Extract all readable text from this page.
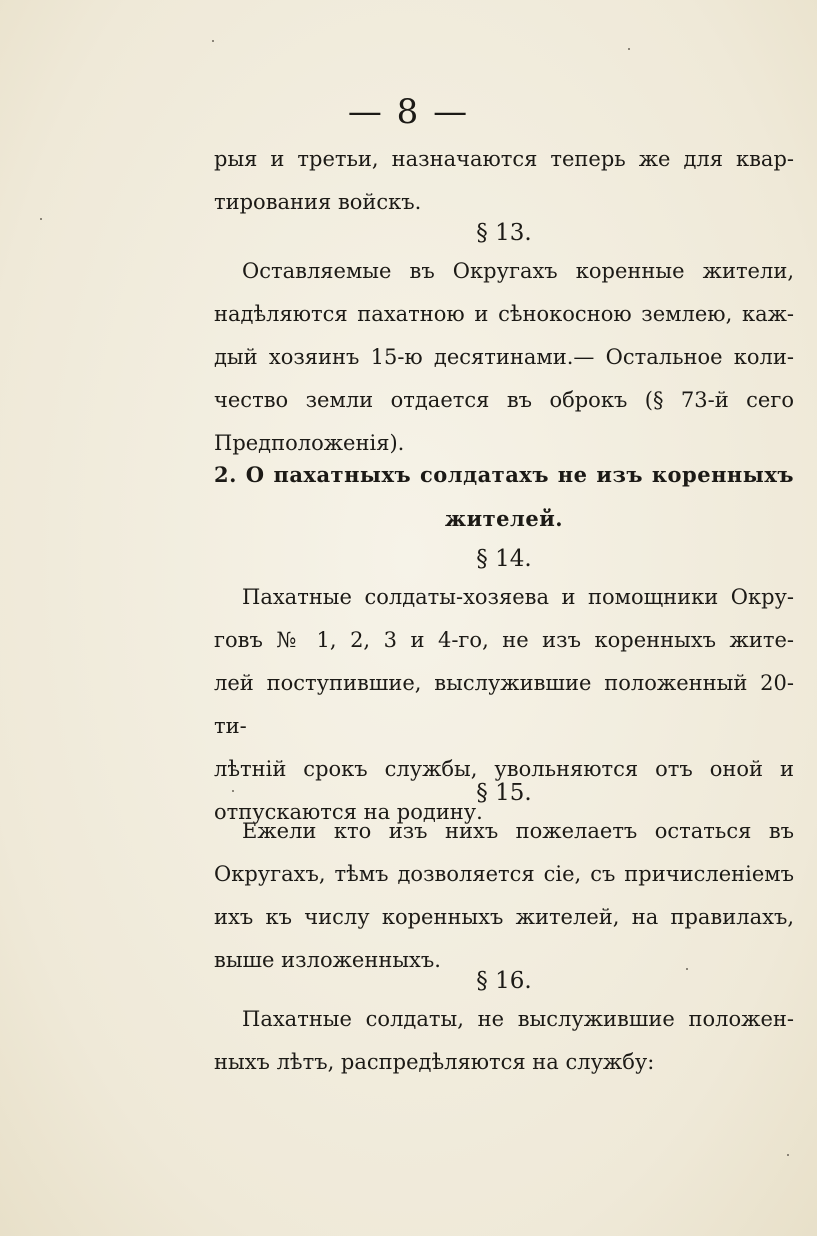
— 8 —
рыя и третьи, назначаются теперь же для квар-
тирования войскъ.
§ 13.
Оставляемые въ Округахъ коренные жители,
надѣляются пахатною и сѣнокосною землею, каж-
дый хозяинъ 15-ю десятинами.— Остальное коли-
чество земли отдается въ оброкъ (§ 73-й сего
Предположенія).
2. О пахатныхъ солдатахъ не изъ коренныхъ
жителей.
§ 14.
Пахатные солдаты-хозяева и помощники Окру-
говъ № 1, 2, 3 и 4-го, не изъ коренныхъ жите-
лей поступившие, выслужившие положенный 20-ти-
лѣтній срокъ службы, увольняются отъ оной и
отпускаются на родину.
§ 15.
Ежели кто изъ нихъ пожелаетъ остаться въ
Округахъ, тѣмъ дозволяется сіе, съ причисленіемъ
ихъ къ числу коренныхъ жителей, на правилахъ,
выше изложенныхъ.
§ 16.
Пахатные солдаты, не выслужившие положен-
ныхъ лѣтъ, распредѣляются на службу:
